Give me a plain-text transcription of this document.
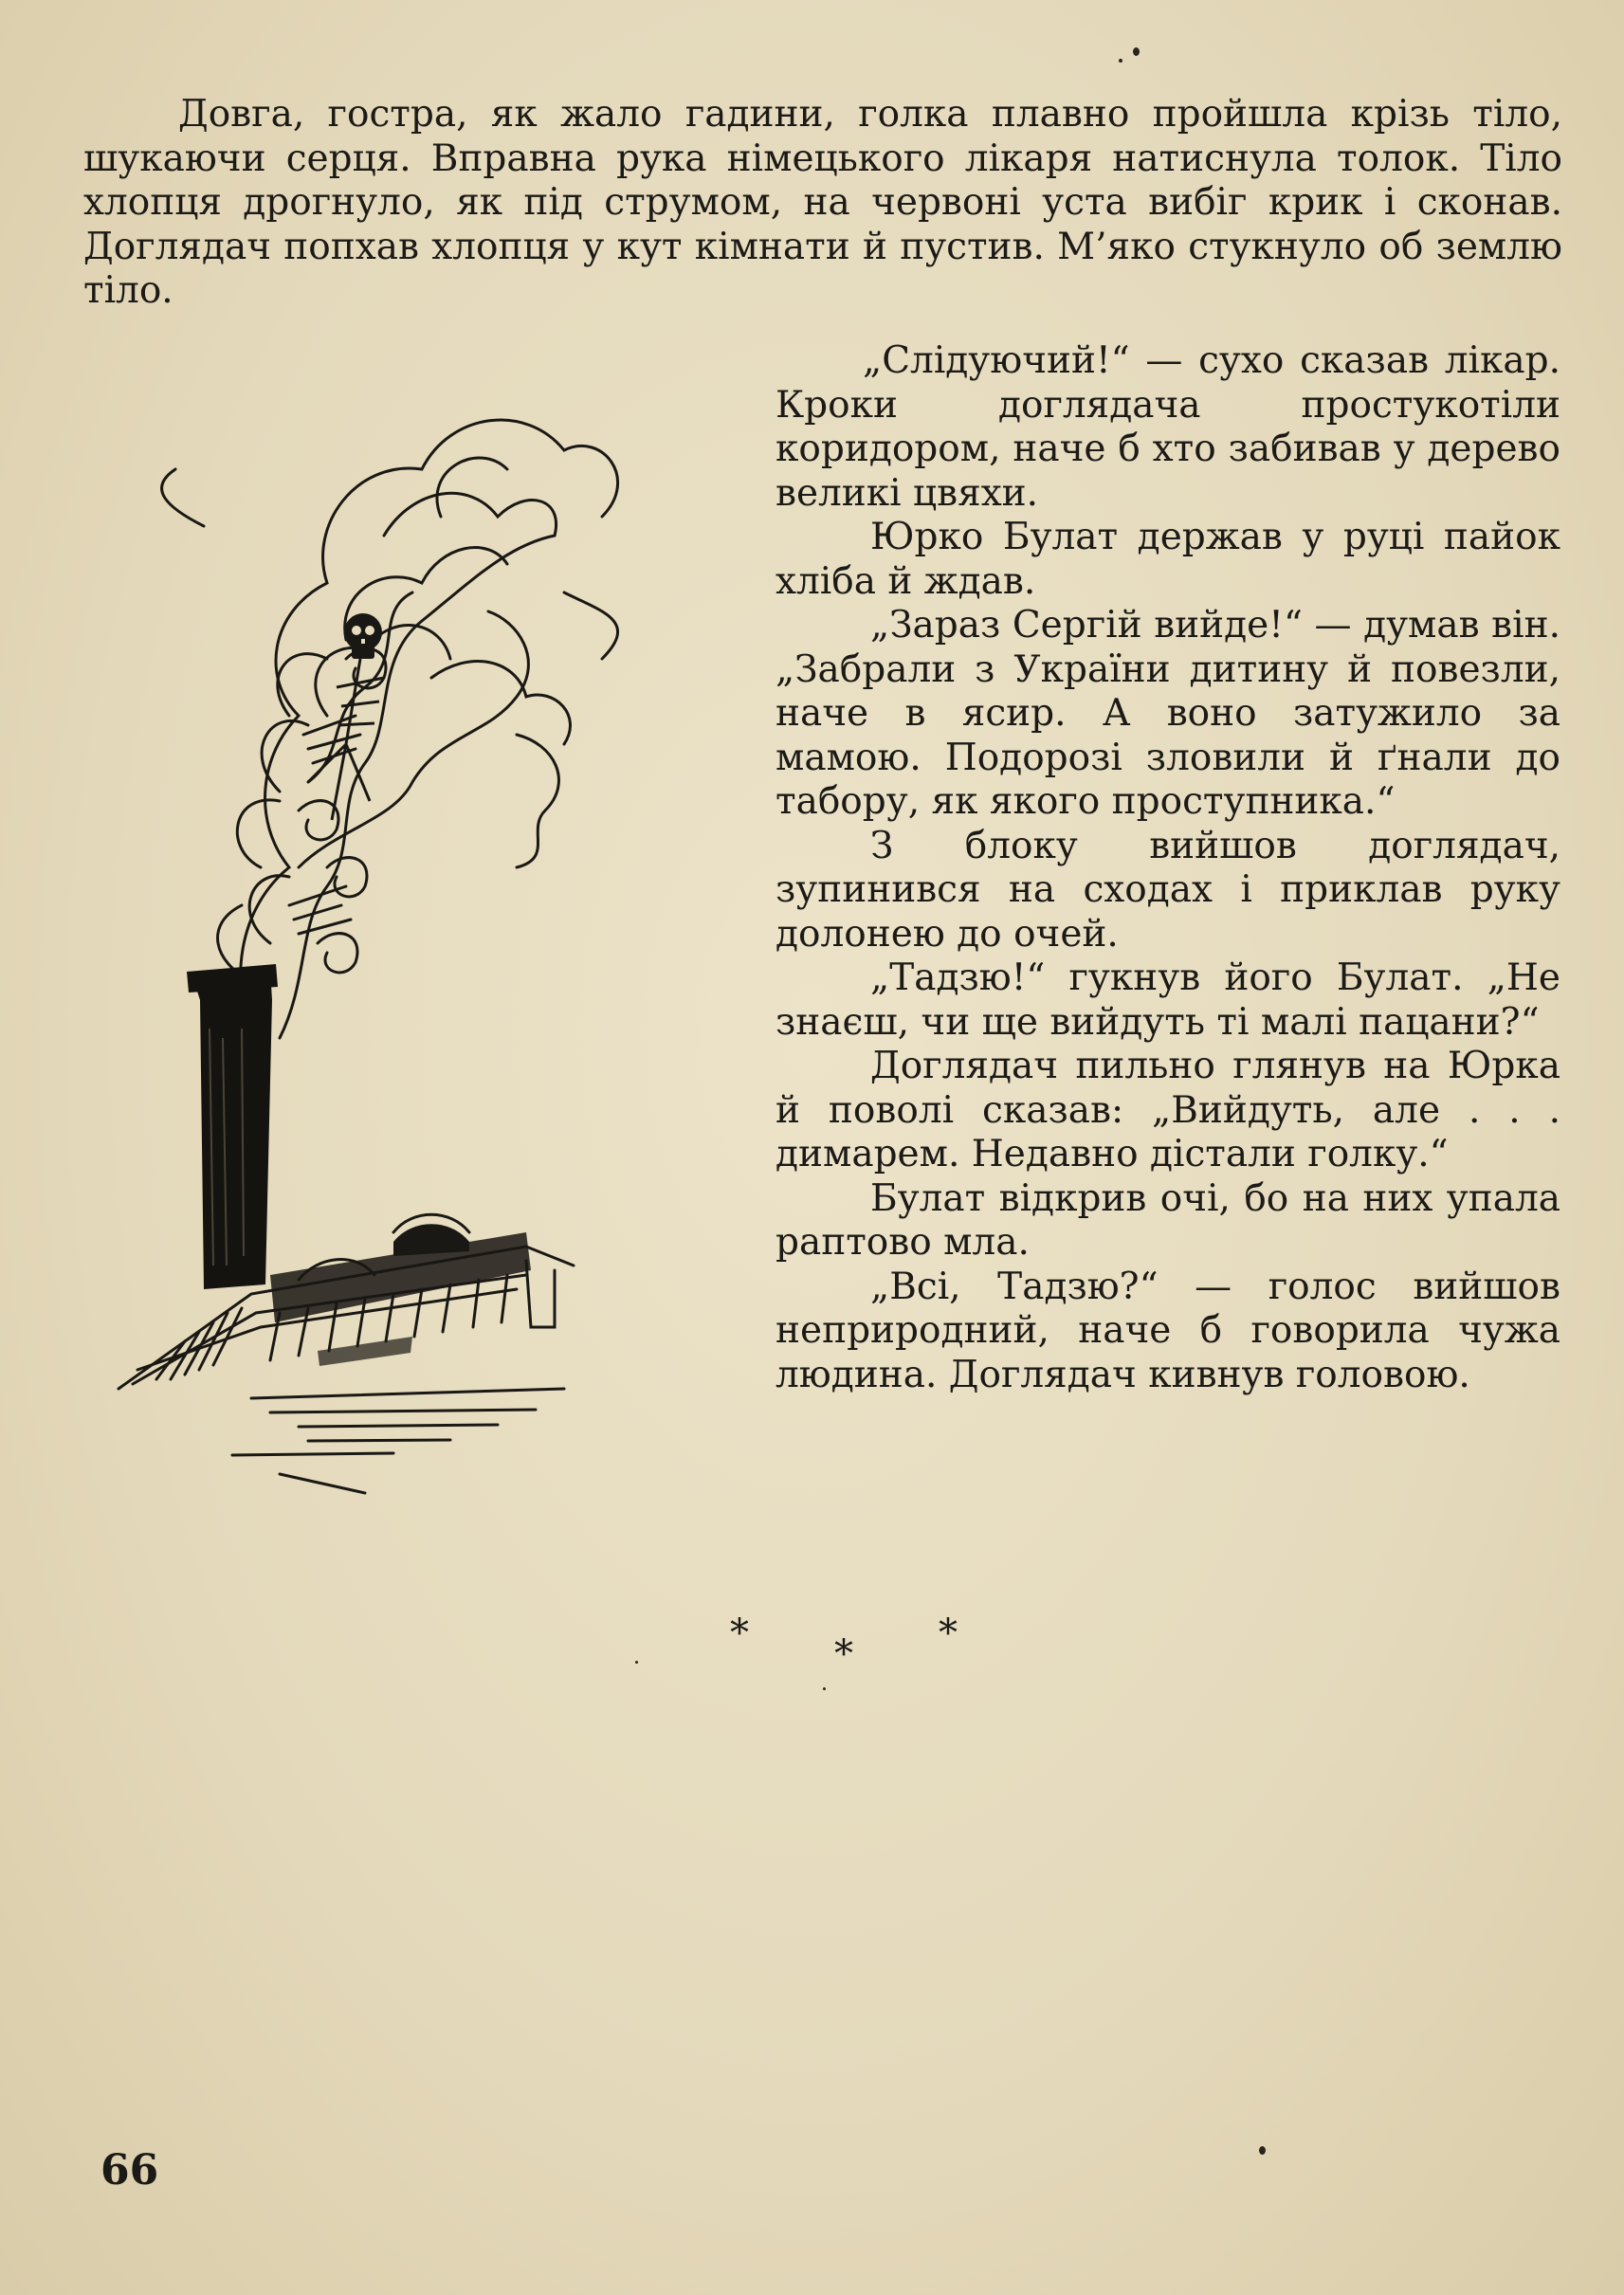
Довга, гостра, як жало гадини, голка плавно пройшла крізь тіло, шукаючи серця. Вправна рука німецького лікаря натиснула толок. Тіло хлопця дрогнуло, як під струмом, на червоні уста вибіг крик і сконав. Доглядач попхав хлопця у кут кімнати й пустив. М’яко стукнуло об землю тіло.

„Слідуючий!“ — сухо сказав лікар. Кроки доглядача простукотіли коридором, наче б хто забивав у дерево великі цвяхи.

Юрко Булат держав у руці пайок хліба й ждав.

„Зараз Сергій вийде!“ — думав він. „Забрали з України дитину й повезли, наче в ясир. А воно затужило за мамою. Подорозі зловили й ґнали до табору, як якого проступника.“

З блоку вийшов доглядач, зупинився на сходах і приклав руку долонею до очей.

„Тадзю!“ гукнув його Булат. „Не знаєш, чи ще вийдуть ті малі пацани?“

Доглядач пильно глянув на Юрка й поволі сказав: „Вийдуть, але . . . димарем. Недавно дістали голку.“

Булат відкрив очі, бо на них упала раптово мла.

„Всі, Тадзю?“ — голос вийшов неприродний, наче б говорила чужа людина. Доглядач кивнув головою.

* * *
66
